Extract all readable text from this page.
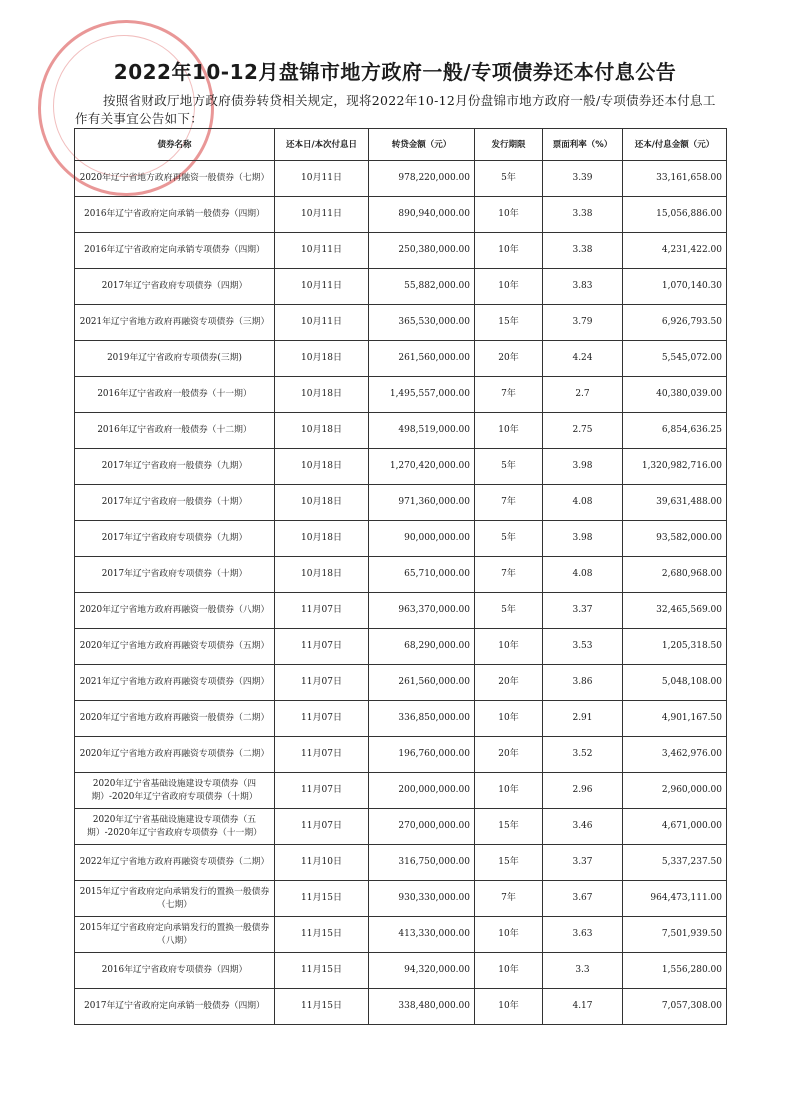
2022年10-12月盘锦市地方政府一般/专项债券还本付息公告
按照省财政厅地方政府债券转贷相关规定，现将2022年10-12月份盘锦市地方政府一般/专项债券还本付息工作有关事宜公告如下：
债券名称	还本日/本次付息日	转贷金额（元）	发行期限	票面利率（%）	还本/付息金额（元）
2020年辽宁省地方政府再融资一般债券（七期）	10月11日	978,220,000.00	5年	3.39	33,161,658.00
2016年辽宁省政府定向承销一般债券（四期）	10月11日	890,940,000.00	10年	3.38	15,056,886.00
2016年辽宁省政府定向承销专项债券（四期）	10月11日	250,380,000.00	10年	3.38	4,231,422.00
2017年辽宁省政府专项债券（四期）	10月11日	55,882,000.00	10年	3.83	1,070,140.30
2021年辽宁省地方政府再融资专项债券（三期）	10月11日	365,530,000.00	15年	3.79	6,926,793.50
2019年辽宁省政府专项债券(三期)	10月18日	261,560,000.00	20年	4.24	5,545,072.00
2016年辽宁省政府一般债券（十一期）	10月18日	1,495,557,000.00	7年	2.7	40,380,039.00
2016年辽宁省政府一般债券（十二期）	10月18日	498,519,000.00	10年	2.75	6,854,636.25
2017年辽宁省政府一般债券（九期）	10月18日	1,270,420,000.00	5年	3.98	1,320,982,716.00
2017年辽宁省政府一般债券（十期）	10月18日	971,360,000.00	7年	4.08	39,631,488.00
2017年辽宁省政府专项债券（九期）	10月18日	90,000,000.00	5年	3.98	93,582,000.00
2017年辽宁省政府专项债券（十期）	10月18日	65,710,000.00	7年	4.08	2,680,968.00
2020年辽宁省地方政府再融资一般债券（八期）	11月07日	963,370,000.00	5年	3.37	32,465,569.00
2020年辽宁省地方政府再融资专项债券（五期）	11月07日	68,290,000.00	10年	3.53	1,205,318.50
2021年辽宁省地方政府再融资专项债券（四期）	11月07日	261,560,000.00	20年	3.86	5,048,108.00
2020年辽宁省地方政府再融资一般债券（二期）	11月07日	336,850,000.00	10年	2.91	4,901,167.50
2020年辽宁省地方政府再融资专项债券（二期）	11月07日	196,760,000.00	20年	3.52	3,462,976.00
2020年辽宁省基础设施建设专项债券（四期）-2020年辽宁省政府专项债券（十期）	11月07日	200,000,000.00	10年	2.96	2,960,000.00
2020年辽宁省基础设施建设专项债券（五期）-2020年辽宁省政府专项债券（十一期）	11月07日	270,000,000.00	15年	3.46	4,671,000.00
2022年辽宁省地方政府再融资专项债券（二期）	11月10日	316,750,000.00	15年	3.37	5,337,237.50
2015年辽宁省政府定向承销发行的置换一般债券（七期）	11月15日	930,330,000.00	7年	3.67	964,473,111.00
2015年辽宁省政府定向承销发行的置换一般债券（八期）	11月15日	413,330,000.00	10年	3.63	7,501,939.50
2016年辽宁省政府专项债券（四期）	11月15日	94,320,000.00	10年	3.3	1,556,280.00
2017年辽宁省政府定向承销一般债券（四期）	11月15日	338,480,000.00	10年	4.17	7,057,308.00
